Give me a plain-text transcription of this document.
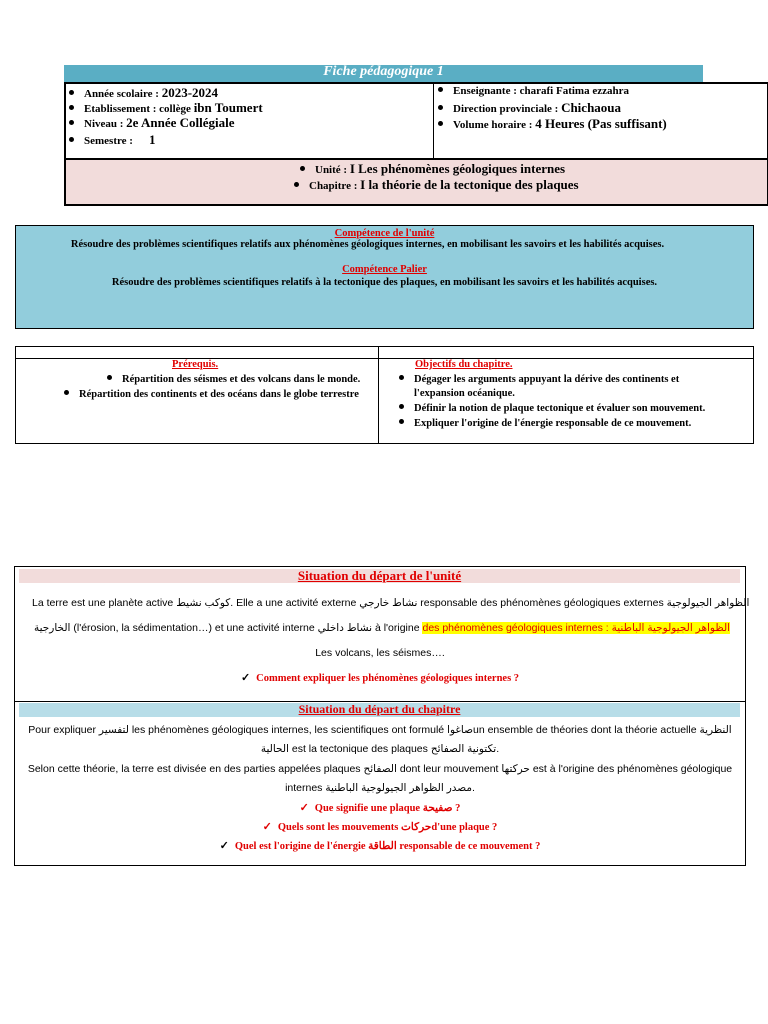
Fiche pédagogique 1
Année scolaire : 2023-2024
Etablissement : collège ibn Toumert
Niveau : 2e Année Collégiale
Semestre : 1
Enseignante : charafi Fatima ezzahra
Direction provinciale : Chichaoua
Volume horaire : 4 Heures (Pas suffisant)
Unité : I Les phénomènes géologiques internes
Chapitre : I la théorie de la tectonique des plaques
Compétence de l'unité
Résoudre des problèmes scientifiques relatifs aux phénomènes géologiques internes, en mobilisant les savoirs et les habilités acquises.
Compétence Palier
Résoudre des problèmes scientifiques relatifs à la tectonique des plaques, en mobilisant les savoirs et les habilités acquises.
Prérequis.
Répartition des séismes et des volcans dans le monde.
Répartition des continents et des océans dans le globe terrestre
Objectifs du chapitre.
Dégager les arguments appuyant la dérive des continents et
l'expansion océanique.
Définir la notion de plaque tectonique et évaluer son mouvement.
Expliquer l'origine de l'énergie responsable de ce mouvement.
Situation du départ de l'unité
La terre est une planète active كوكب نشيط. Elle a une activité externe نشاط خارجي responsable des phénomènes géologiques externes الظواهر الجيولوجية
الخارجية (l'érosion, la sédimentation…) et une activité interne نشاط داخلي à l'origine des phénomènes géologiques internes : الظواهر الجيولوجية الباطنية
Les volcans, les séismes….
✓ Comment expliquer les phénomènes géologiques internes ?
Situation du départ du chapitre
Pour expliquer لتفسير les phénomènes géologiques internes, les scientifiques ont formulé صاغواun ensemble de théories dont la théorie actuelle النظرية
الحالية est la tectonique des plaques تكتونية الصفائح.
Selon cette théorie, la terre est divisée en des parties appelées plaques الصفائح dont leur mouvement حركتها est à l'origine des phénomènes géologique
internes مصدر الظواهر الجيولوجية الباطنية.
✓ Que signifie une plaque صفيحة ?
✓ Quels sont les mouvements حركاتd'une plaque ?
✓ Quel est l'origine de l'énergie الطاقة responsable de ce mouvement ?
